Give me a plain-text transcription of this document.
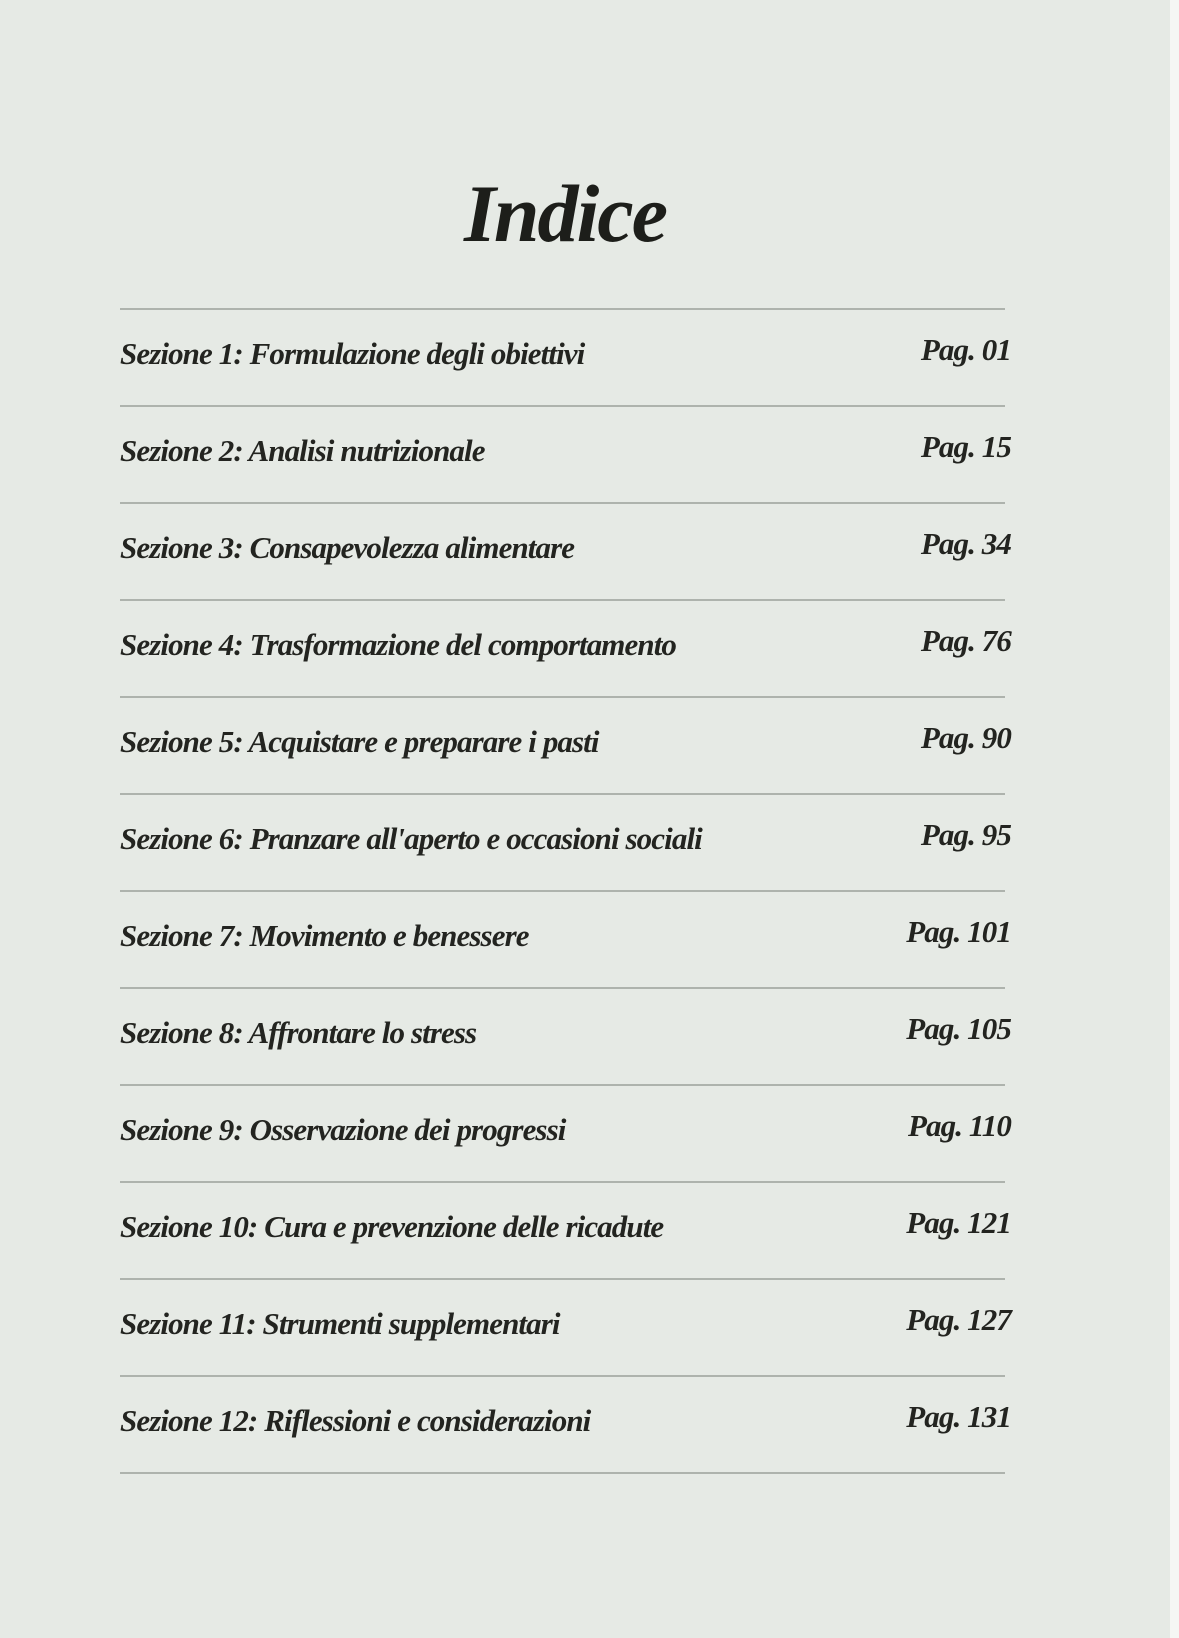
Indice
Sezione 1: Formulazione degli obiettivi	Pag. 01
Sezione 2: Analisi nutrizionale	Pag. 15
Sezione 3: Consapevolezza alimentare	Pag. 34
Sezione 4: Trasformazione del comportamento	Pag. 76
Sezione 5: Acquistare e preparare i pasti	Pag. 90
Sezione 6: Pranzare all'aperto e occasioni sociali	Pag. 95
Sezione 7: Movimento e benessere	Pag. 101
Sezione 8: Affrontare lo stress	Pag. 105
Sezione 9: Osservazione dei progressi	Pag. 110
Sezione 10: Cura e prevenzione delle ricadute	Pag. 121
Sezione 11: Strumenti supplementari	Pag. 127
Sezione 12: Riflessioni e considerazioni	Pag. 131
